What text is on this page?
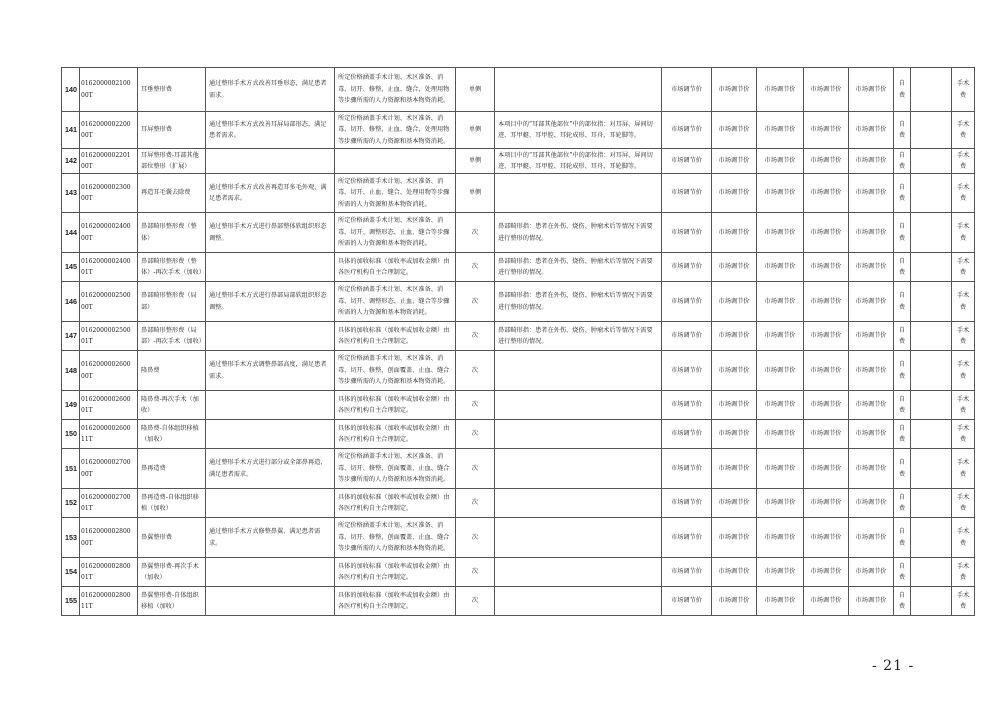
140	016200000210000T	耳垂整形费	通过整形手术方式改善耳垂形态，满足患者需求。	所定价格涵盖手术计划、术区准备、消毒、切开、修整、止血、缝合、处理用物等步骤所需的人力资源和基本物资消耗。	单侧		市场调节价	市场调节价	市场调节价	市场调节价	市场调节价	自费		手术费
141	016200000220000T	耳屏整形费	通过整形手术方式改善耳屏局部形态，满足患者需求。	所定价格涵盖手术计划、术区准备、消毒、切开、修整、止血、缝合、处理用物等步骤所需的人力资源和基本物资消耗。	单侧	本项目中的“耳部其他部位”中的部位指：对耳屏、屏间切迹、耳甲艇、耳甲腔、耳轮成形、耳舟、耳轮脚等。	市场调节价	市场调节价	市场调节价	市场调节价	市场调节价	自费		手术费
142	016200000220100T	耳屏整形费-耳部其他部位整形（扩展）			单侧	本项目中的“耳部其他部位”中的部位指：对耳屏、屏间切迹、耳甲艇、耳甲腔、耳轮成形、耳舟、耳轮脚等。	市场调节价	市场调节价	市场调节价	市场调节价	市场调节价	自费		手术费
143	016200000230000T	再造耳毛囊去除费	通过整形手术方式改善再造耳多毛外观，满足患者需求。	所定价格涵盖手术计划、术区准备、消毒、切开、止血、缝合、处理用物等步骤所需的人力资源和基本物资消耗。	单侧		市场调节价	市场调节价	市场调节价	市场调节价	市场调节价	自费		手术费
144	016200000240000T	鼻部畸形整形费（整体）	通过整形手术方式进行鼻部整体软组织形态调整。	所定价格涵盖手术计划、术区准备、消毒、切开、调整形态、止血、缝合等步骤所需的人力资源和基本物资消耗。	次	鼻部畸形指：患者在外伤、烧伤、肿瘤术后等情况下需要进行整形的情况。	市场调节价	市场调节价	市场调节价	市场调节价	市场调节价	自费		手术费
145	016200000240001T	鼻部畸形整形费（整体）-再次手术（加收）		具体的加收标准（加收率或加收金额）由各医疗机构自主合理制定。	次	鼻部畸形指：患者在外伤、烧伤、肿瘤术后等情况下需要进行整形的情况。	市场调节价	市场调节价	市场调节价	市场调节价	市场调节价	自费		手术费
146	016200000250000T	鼻部畸形整形费（局部）	通过整形手术方式进行鼻部局部软组织形态调整。	所定价格涵盖手术计划、术区准备、消毒、切开、调整形态、止血、缝合等步骤所需的人力资源和基本物资消耗。	次	鼻部畸形指：患者在外伤、烧伤、肿瘤术后等情况下需要进行整形的情况。	市场调节价	市场调节价	市场调节价	市场调节价	市场调节价	自费		手术费
147	016200000250001T	鼻部畸形整形费（局部）-再次手术（加收）		具体的加收标准（加收率或加收金额）由各医疗机构自主合理制定。	次	鼻部畸形指：患者在外伤、烧伤、肿瘤术后等情况下需要进行整形的情况。	市场调节价	市场调节价	市场调节价	市场调节价	市场调节价	自费		手术费
148	016200000260000T	隆鼻费	通过整形手术方式调整鼻部高度，满足患者需求。	所定价格涵盖手术计划、术区准备、消毒、切开、修整、创面覆盖、止血、缝合等步骤所需的人力资源和基本物资消耗。	次		市场调节价	市场调节价	市场调节价	市场调节价	市场调节价	自费		手术费
149	016200000260001T	隆鼻费-再次手术（加收）		具体的加收标准（加收率或加收金额）由各医疗机构自主合理制定。	次		市场调节价	市场调节价	市场调节价	市场调节价	市场调节价	自费		手术费
150	016200000260011T	隆鼻费-自体组织移植（加收）		具体的加收标准（加收率或加收金额）由各医疗机构自主合理制定。	次		市场调节价	市场调节价	市场调节价	市场调节价	市场调节价	自费		手术费
151	016200000270000T	鼻再造费	通过整形手术方式进行部分或全部鼻再造，满足患者需求。	所定价格涵盖手术计划、术区准备、消毒、切开、修整、创面覆盖、止血、缝合等步骤所需的人力资源和基本物资消耗。	次		市场调节价	市场调节价	市场调节价	市场调节价	市场调节价	自费		手术费
152	016200000270001T	鼻再造费-自体组织移植（加收）		具体的加收标准（加收率或加收金额）由各医疗机构自主合理制定。	次		市场调节价	市场调节价	市场调节价	市场调节价	市场调节价	自费		手术费
153	016200000280000T	鼻翼整形费	通过整形手术方式修整鼻翼，满足患者需求。	所定价格涵盖手术计划、术区准备、消毒、切开、修整、创面覆盖、止血、缝合等步骤所需的人力资源和基本物资消耗。	次		市场调节价	市场调节价	市场调节价	市场调节价	市场调节价	自费		手术费
154	016200000280001T	鼻翼整形费-再次手术（加收）		具体的加收标准（加收率或加收金额）由各医疗机构自主合理制定。	次		市场调节价	市场调节价	市场调节价	市场调节价	市场调节价	自费		手术费
155	016200000280011T	鼻翼整形费-自体组织移植（加收）		具体的加收标准（加收率或加收金额）由各医疗机构自主合理制定。	次		市场调节价	市场调节价	市场调节价	市场调节价	市场调节价	自费		手术费
- 21 -
